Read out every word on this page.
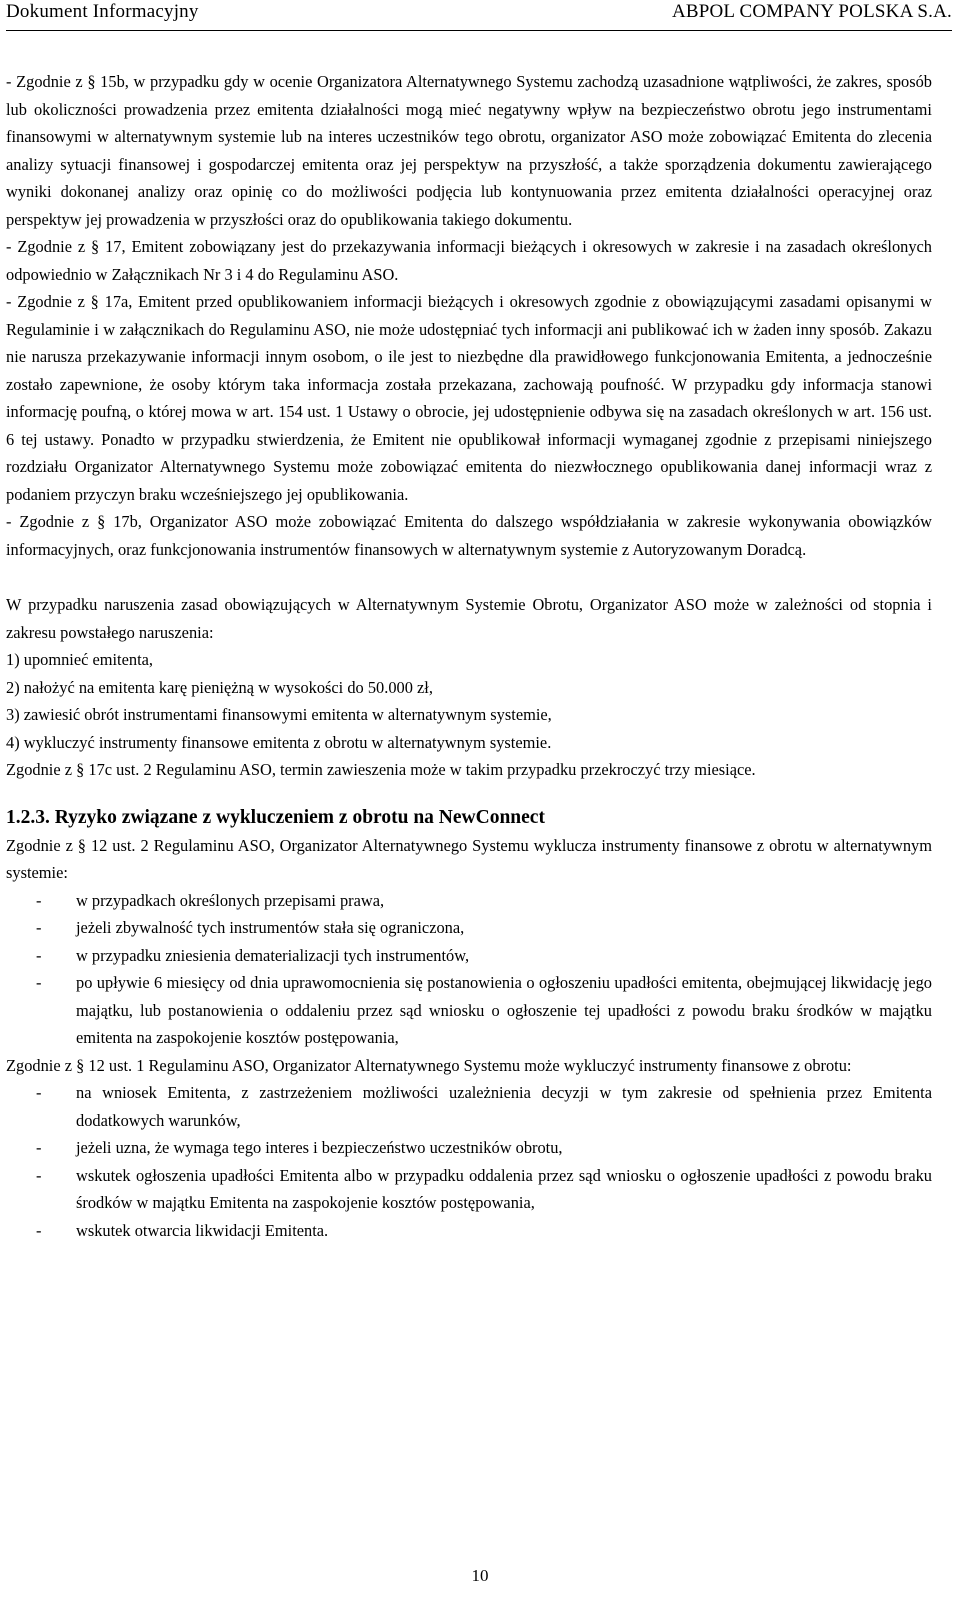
Dokument Informacyjny	ABPOL COMPANY POLSKA S.A.

- Zgodnie z § 15b, w przypadku gdy w ocenie Organizatora Alternatywnego Systemu zachodzą uzasadnione wątpliwości, że zakres, sposób lub okoliczności prowadzenia przez emitenta działalności mogą mieć negatywny wpływ na bezpieczeństwo obrotu jego instrumentami finansowymi w alternatywnym systemie lub na interes uczestników tego obrotu, organizator ASO może zobowiązać Emitenta do zlecenia analizy sytuacji finansowej i gospodarczej emitenta oraz jej perspektyw na przyszłość, a także sporządzenia dokumentu zawierającego wyniki dokonanej analizy oraz opinię co do możliwości podjęcia lub kontynuowania przez emitenta działalności operacyjnej oraz perspektyw jej prowadzenia w przyszłości oraz do opublikowania takiego dokumentu.

- Zgodnie z § 17, Emitent zobowiązany jest do przekazywania informacji bieżących i okresowych w zakresie i na zasadach określonych odpowiednio w Załącznikach Nr 3 i 4 do Regulaminu ASO.

- Zgodnie z § 17a, Emitent przed opublikowaniem informacji bieżących i okresowych zgodnie z obowiązującymi zasadami opisanymi w Regulaminie i w załącznikach do Regulaminu ASO, nie może udostępniać tych informacji ani publikować ich w żaden inny sposób. Zakazu nie narusza przekazywanie informacji innym osobom, o ile jest to niezbędne dla prawidłowego funkcjonowania Emitenta, a jednocześnie zostało zapewnione, że osoby którym taka informacja została przekazana, zachowają poufność. W przypadku gdy informacja stanowi informację poufną, o której mowa w art. 154 ust. 1 Ustawy o obrocie, jej udostępnienie odbywa się na zasadach określonych w art. 156 ust. 6 tej ustawy. Ponadto w przypadku stwierdzenia, że Emitent nie opublikował informacji wymaganej zgodnie z przepisami niniejszego rozdziału Organizator Alternatywnego Systemu może zobowiązać emitenta do niezwłocznego opublikowania danej informacji wraz z podaniem przyczyn braku wcześniejszego jej opublikowania.

- Zgodnie z § 17b, Organizator ASO może zobowiązać Emitenta do dalszego współdziałania w zakresie wykonywania obowiązków informacyjnych, oraz funkcjonowania instrumentów finansowych w alternatywnym systemie z Autoryzowanym Doradcą.

W przypadku naruszenia zasad obowiązujących w Alternatywnym Systemie Obrotu, Organizator ASO może w zależności od stopnia i zakresu powstałego naruszenia:

1) upomnieć emitenta,

2) nałożyć na emitenta karę pieniężną w wysokości do 50.000 zł,

3) zawiesić obrót instrumentami finansowymi emitenta w alternatywnym systemie,

4) wykluczyć instrumenty finansowe emitenta z obrotu w alternatywnym systemie.

Zgodnie z § 17c ust. 2 Regulaminu ASO, termin zawieszenia może w takim przypadku przekroczyć trzy miesiące.

1.2.3. Ryzyko związane z wykluczeniem z obrotu na NewConnect

Zgodnie z § 12 ust. 2 Regulaminu ASO, Organizator Alternatywnego Systemu wyklucza instrumenty finansowe z obrotu w alternatywnym systemie:

- w przypadkach określonych przepisami prawa,
- jeżeli zbywalność tych instrumentów stała się ograniczona,
- w przypadku zniesienia dematerializacji tych instrumentów,
- po upływie 6 miesięcy od dnia uprawomocnienia się postanowienia o ogłoszeniu upadłości emitenta, obejmującej likwidację jego majątku, lub postanowienia o oddaleniu przez sąd wniosku o ogłoszenie tej upadłości z powodu braku środków w majątku emitenta na zaspokojenie kosztów postępowania,

Zgodnie z § 12 ust. 1 Regulaminu ASO, Organizator Alternatywnego Systemu może wykluczyć instrumenty finansowe z obrotu:

- na wniosek Emitenta, z zastrzeżeniem możliwości uzależnienia decyzji w tym zakresie od spełnienia przez Emitenta dodatkowych warunków,
- jeżeli uzna, że wymaga tego interes i bezpieczeństwo uczestników obrotu,
- wskutek ogłoszenia upadłości Emitenta albo w przypadku oddalenia przez sąd wniosku o ogłoszenie upadłości z powodu braku środków w majątku Emitenta na zaspokojenie kosztów postępowania,
- wskutek otwarcia likwidacji Emitenta.
10
